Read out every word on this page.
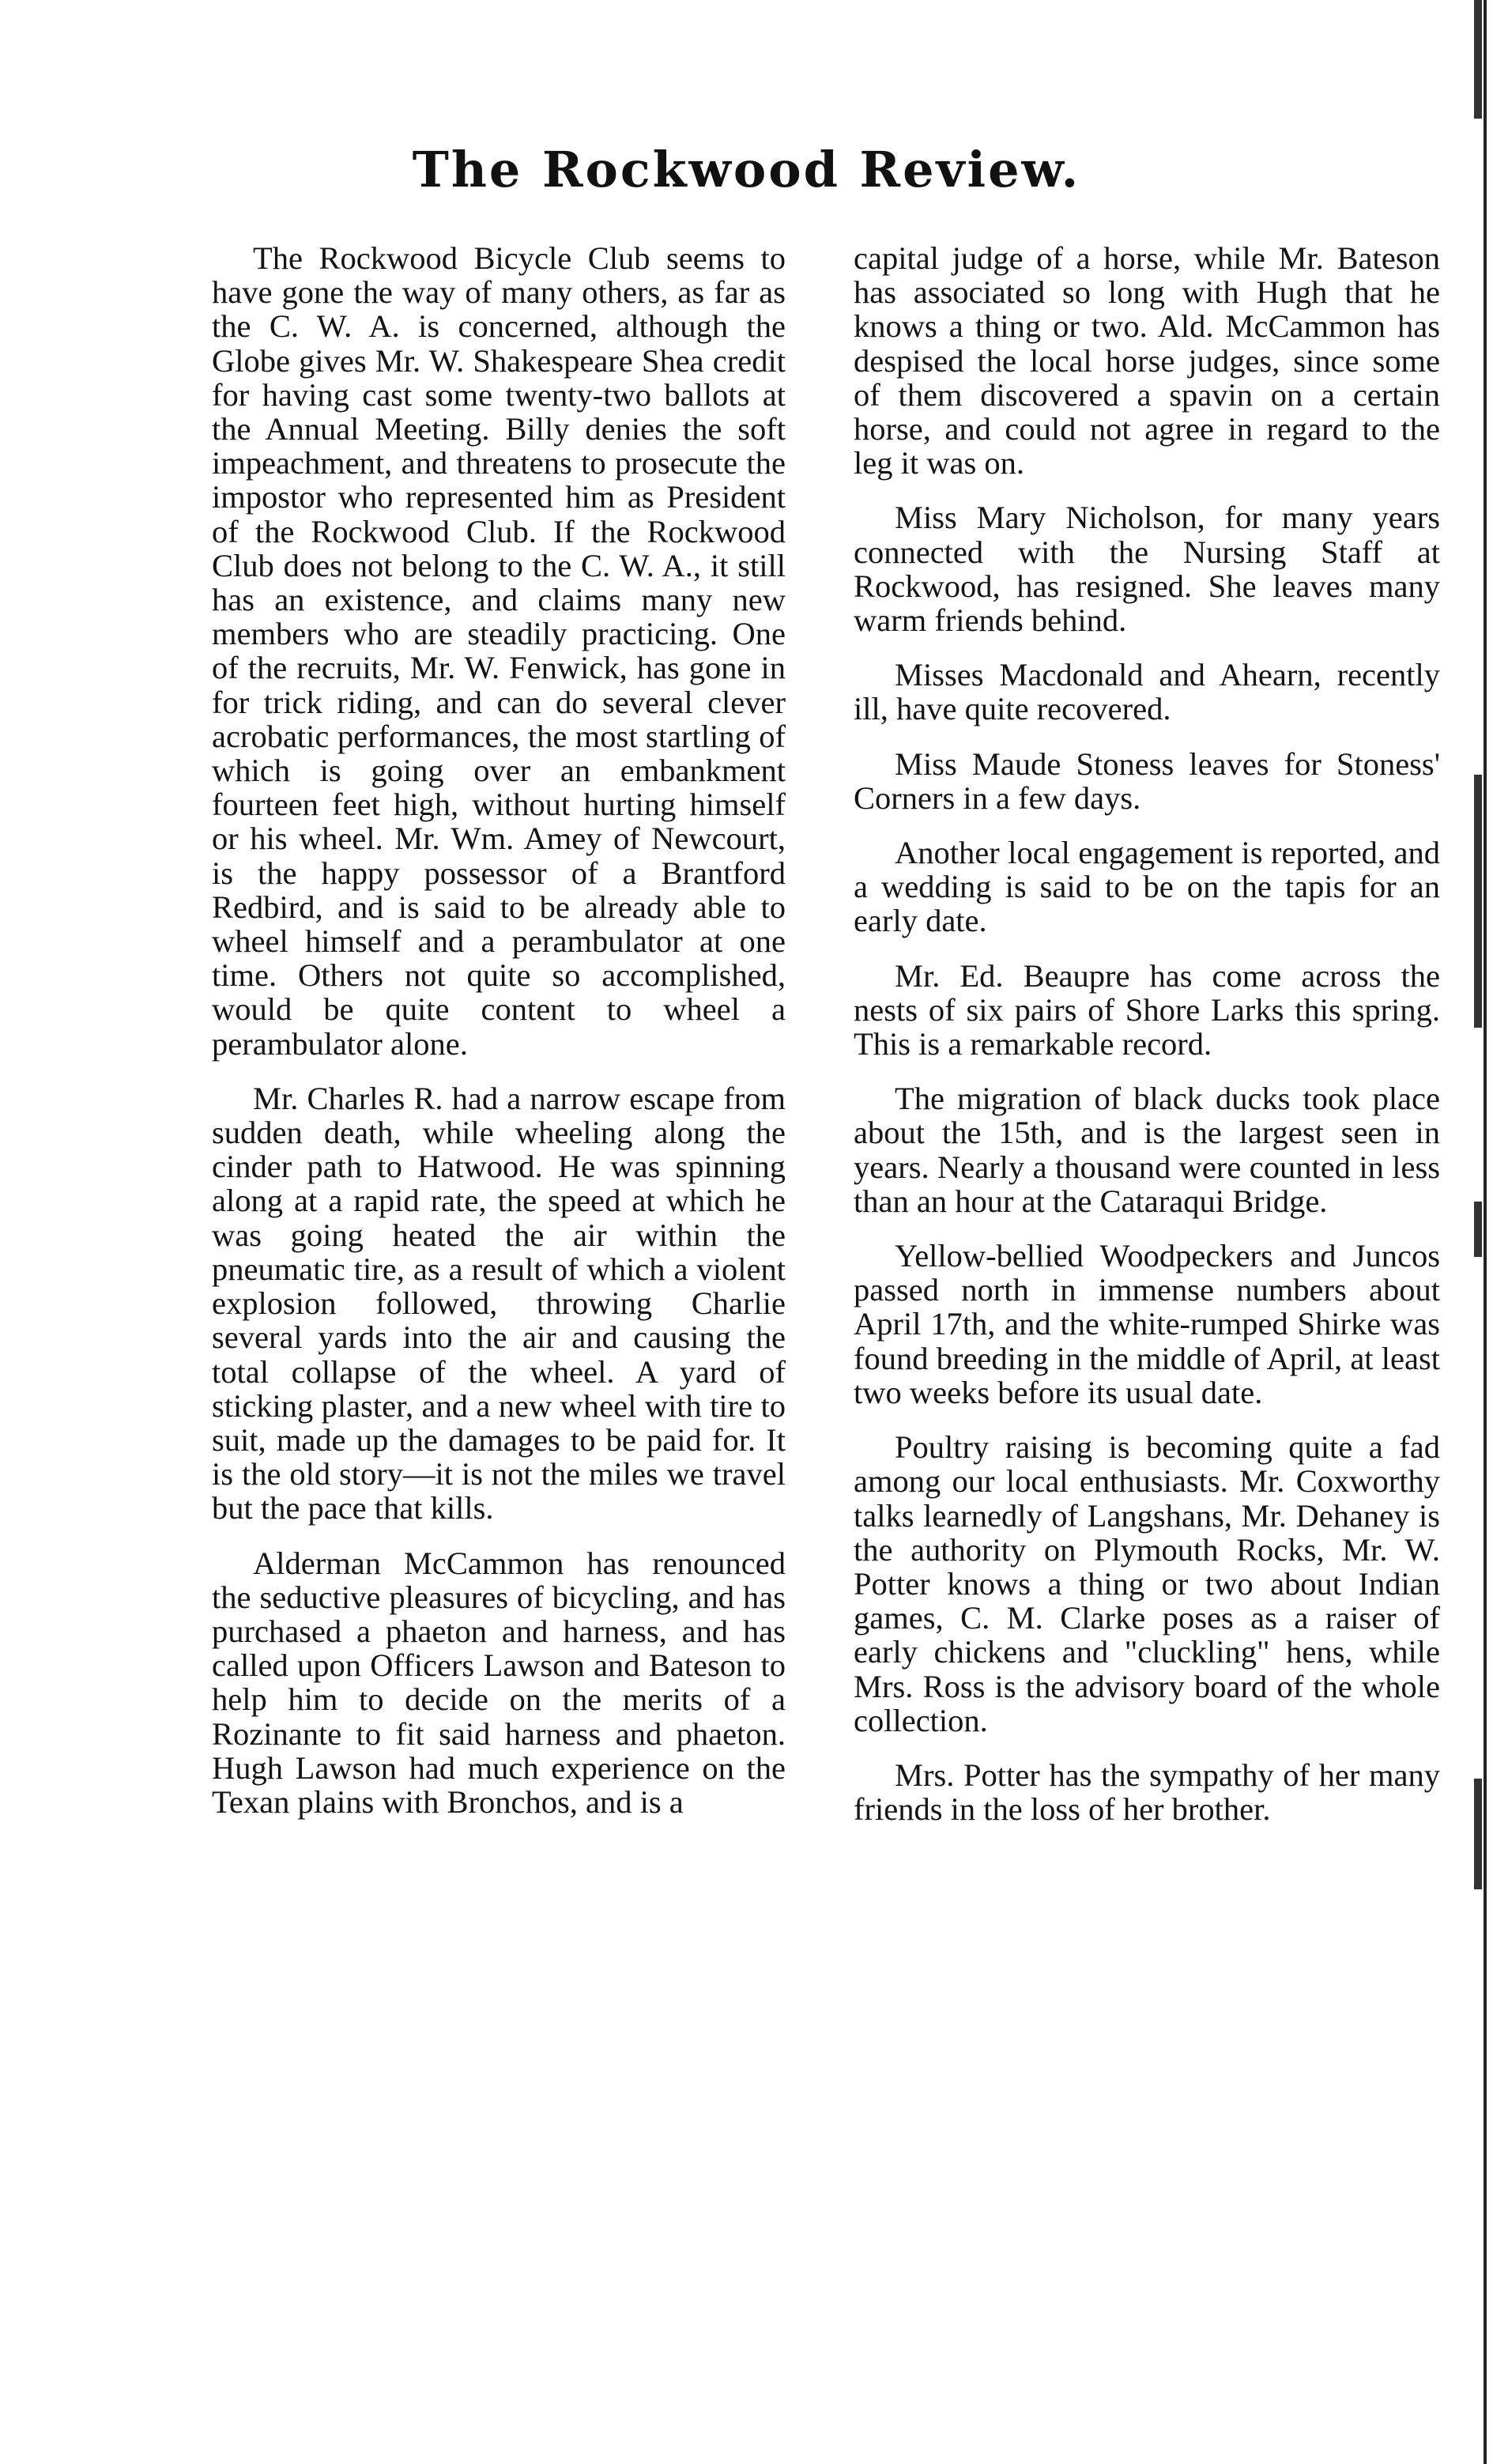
The Rockwood Review.

The Rockwood Bicycle Club seems to have gone the way of many others, as far as the C. W. A. is concerned, although the Globe gives Mr. W. Shakespeare Shea credit for having cast some twenty-two ballots at the Annual Meeting. Billy denies the soft impeachment, and threatens to prosecute the impostor who represented him as President of the Rockwood Club. If the Rockwood Club does not belong to the C. W. A., it still has an existence, and claims many new members who are steadily practicing. One of the recruits, Mr. W. Fenwick, has gone in for trick riding, and can do several clever acrobatic performances, the most startling of which is going over an embankment fourteen feet high, without hurting himself or his wheel. Mr. Wm. Amey of Newcourt, is the happy possessor of a Brantford Redbird, and is said to be already able to wheel himself and a perambulator at one time. Others not quite so accomplished, would be quite content to wheel a perambulator alone.

Mr. Charles R. had a narrow escape from sudden death, while wheeling along the cinder path to Hatwood. He was spinning along at a rapid rate, the speed at which he was going heated the air within the pneumatic tire, as a result of which a violent explosion followed, throwing Charlie several yards into the air and causing the total collapse of the wheel. A yard of sticking plaster, and a new wheel with tire to suit, made up the damages to be paid for. It is the old story—it is not the miles we travel but the pace that kills.

Alderman McCammon has renounced the seductive pleasures of bicycling, and has purchased a phaeton and harness, and has called upon Officers Lawson and Bateson to help him to decide on the merits of a Rozinante to fit said harness and phaeton. Hugh Lawson had much experience on the Texan plains with Bronchos, and is a

capital judge of a horse, while Mr. Bateson has associated so long with Hugh that he knows a thing or two. Ald. McCammon has despised the local horse judges, since some of them discovered a spavin on a certain horse, and could not agree in regard to the leg it was on.

Miss Mary Nicholson, for many years connected with the Nursing Staff at Rockwood, has resigned. She leaves many warm friends behind.

Misses Macdonald and Ahearn, recently ill, have quite recovered.

Miss Maude Stoness leaves for Stoness' Corners in a few days.

Another local engagement is reported, and a wedding is said to be on the tapis for an early date.

Mr. Ed. Beaupre has come across the nests of six pairs of Shore Larks this spring. This is a remarkable record.

The migration of black ducks took place about the 15th, and is the largest seen in years. Nearly a thousand were counted in less than an hour at the Cataraqui Bridge.

Yellow-bellied Woodpeckers and Juncos passed north in immense numbers about April 17th, and the white-rumped Shirke was found breeding in the middle of April, at least two weeks before its usual date.

Poultry raising is becoming quite a fad among our local enthusiasts. Mr. Coxworthy talks learnedly of Langshans, Mr. Dehaney is the authority on Plymouth Rocks, Mr. W. Potter knows a thing or two about Indian games, C. M. Clarke poses as a raiser of early chickens and "cluckling" hens, while Mrs. Ross is the advisory board of the whole collection.

Mrs. Potter has the sympathy of her many friends in the loss of her brother.
